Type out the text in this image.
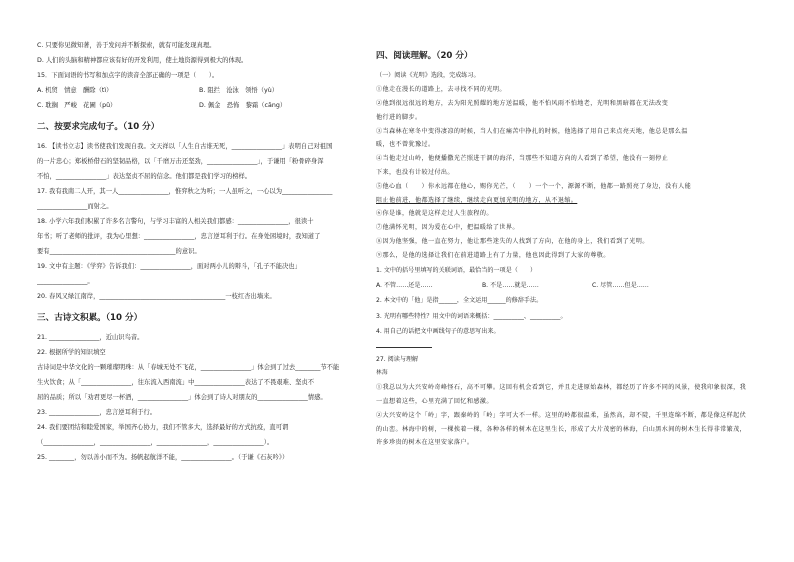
C. 只要你见微知著，善于发问并不断探索，就有可能发现真理。
D. 人们的头脑和精神都应该有好的开发利用，使土地资源得到极大的体现。
15．下面词语的书写和加点字的读音全部正确的一项是（　　）。
A. 机贸　情意　酬除（tì）	B. 阻拦　沧泳　领悟（yù）
C. 耽搁　严峻　花圃（pǔ）	D. 佩金　恐怖　黎霜（cāng）
二、按要求完成句子。（10 分）
16. 【读书立志】读书使我们发现自我。文天祥以「人生自古谁无死，________________」表明自己对祖国
的一片忠心；郑板桥借石的坚韧品格，以「千磨万击还坚劲，________________」，于谦用「粉骨碎身浑
不怕，________________」表达坚贞不屈的信念。他们都是我们学习的榜样。
17. 我有我南二人开，其一人________________，惟弈秋之为听；一人虽听之，一心以为________________
________________而射之。
18. 小学六年我们积累了许多名言警句，与学习丰富的人相关我们都感：________________，很读十
年书；听了老师的批评，我为心里想：________________，忠言逆耳利于行。在身处困境时，我知道了
要有________________________________________的意识。
19. 文中有主题：《学弈》告诉我们：________________，面对两小儿的辩斗，「孔子不能决也」
________________。
20. 春风又绿江南岸，________________________________________一枝红杏出墙来。
三、古诗文积累。（10 分）
21. ________________，近山识鸟音。
22. 根据所学的知识填空
古诗词是中华文化的一颗璀璨明珠：从「春城无处不飞花，________________」体会到了过去________节不能
生火饮食；从「________________，往东流入西南流」中________________表达了不畏艰难、坚贞不
屈的品质；所以「劝君更尽一杯酒，________________」体会到了诗人对朋友的________________情感。
23. ________________，忠言逆耳利于行。
24. 我们要团结和睦爱国家，举国齐心协力，我们不管多大，选择最好的方式抗疫，直可谓
（________________，________________，________________，________________）。
25. ________，勿以善小而不为。扬帆起航洋不能，________________。（于谦《石灰吟》）
四、阅读理解。（20 分）
（一）阅读《光明》选段，完成练习。
①他走在漫长的道路上，去寻找不同的光明。
②他到很远很远的地方，去为阳光照耀的地方送温暖，他不怕风雨不怕地老，光明和黑暗都在无法改变
他行进的脚步。
③当森林在寒冬中变得凄凉的时候，当人们在痛苦中挣扎的时候，他选择了用自己来点亮天地，他总是那么温
暖，也不曾犹豫过。
④当他走过山岭，他便播撒光芒照进干涸的海洋，当那些不知道方向的人看到了希望，他没有一刻停止
下来，也没有计较过付出。
⑤他心血（　　）你永远都在他心，赐你光芒，（　　）一个一个，源源不断，他都一路照亮了身边，没有人能
阻止他前进，他都选择了继续，继续走向更加光明的地方，从不退缩。
⑥你是谁，他就是这样走过人生旅程的。
⑦他满怀光明，因为爱在心中，把温暖给了世界。
⑧因为他坚强，他一直在努力，他让那些迷失的人找到了方向，在他的身上，我们看到了光明。
⑨那么，是他的选择让我们在前进道路上有了力量，他也因此得到了大家的尊敬。
1. 文中的括号里填写的关联词语，最恰当的一项是（　　）
A. 不管……还是……	B. 不是……就是……	C. 尽管……但是……
2. 本文中的「他」是指______，全文运用______的修辞手法。
3. 光明有哪些特性？用文中的词语来概括：__________、__________。
4. 用自己的话把文中画线句子的意思写出来。
27. 阅读与理解
林海
①我总以为大兴安岭奇峰怪石，高不可攀。这回有机会看到它，并且走进原始森林，都经历了许多不同的风景，使我印象很深，我一直想着这些，心里充满了回忆和感激。
②大兴安岭这个「岭」字，跟秦岭的「岭」字可大不一样。这里的岭都很温柔，虽然高，却不陡，千里连绵不断，都是像这样起伏的山峦。林海中的树，一棵挨着一棵，各种各样的树木在这里生长，形成了大片茂密的林海，白山黑水间的树木生长得非常繁茂，许多珍贵的树木在这里安家落户。
